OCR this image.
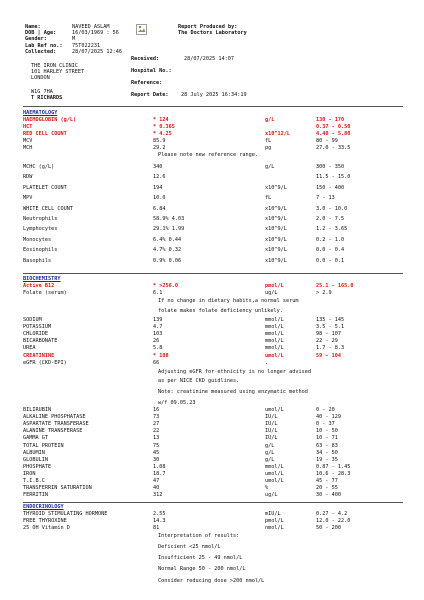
Name:	NAVEED ASLAM
DOB | Age:	16/03/1969 : 56
Gender:	M
Lab Ref no.: 75T022231
Collected:	28/07/2025 12:46
Report Produced by:
The Doctors Laboratory
Received:	28/07/2025 14:07
THE IRON CLINIC
101 HARLEY STREET
LONDON
Hospital No.:
Reference:
W1G 7HA
T RICHARDS
Report Date: 28 July 2025 16:34:19
HAEMATOLOGY
HAEMOGLOBIN (g/L)	* 124	g/L	130 - 170
HCT	* 0.365	0.37 - 0.50
RED CELL COUNT	* 4.25	x10^12/L	4.40 - 5.80
MCV	85.9	fL	80 - 99
MCH	29.2	pg	27.0 - 33.5
Please note new reference range.
MCHC (g/L)	340	g/L	300 - 350
RDW	12.6	11.5 - 15.0
PLATELET COUNT	194	x10^9/L	150 - 400
MPV	10.0	fL	7 - 13
WHITE CELL COUNT	6.84	x10^9/L	3.0 - 10.0
Neutrophils	58.9% 4.03	x10^9/L	2.0 - 7.5
Lymphocytes	29.1% 1.99	x10^9/L	1.2 - 3.65
Monocytes	6.4% 0.44	x10^9/L	0.2 - 1.0
Eosinophils	4.7% 0.32	x10^9/L	0.0 - 0.4
Basophils	0.9% 0.06	x10^9/L	0.0 - 0.1
BIOCHEMISTRY
Active B12	* >256.0	pmol/L	25.1 - 165.0
Folate (serum)	6.1	ug/L	> 2.9
If no change in dietary habits,a normal serum
folate makes folate deficiency unlikely.
SODIUM	139	mmol/L	135 - 145
POTASSIUM	4.7	mmol/L	3.5 - 5.1
CHLORIDE	103	mmol/L	98 - 107
BICARBONATE	26	mmol/L	22 - 29
UREA	5.8	mmol/L	1.7 - 8.3
CREATININE	* 108	umol/L	59 - 104
eGFR (CKD-EPI)	66	.
Adjusting eGFR for ethnicity is no longer advised
as per NICE CKD guidlines.
Note: creatinine measured using enzymatic method
w/f 09.05.23
BILIRUBIN	16	umol/L	0 - 20
ALKALINE PHOSPHATASE	73	IU/L	40 - 129
ASPARTATE TRANSFERASE	27	IU/L	0 - 37
ALANINE TRANSFERASE	22	IU/L	10 - 50
GAMMA GT	13	IU/L	10 - 71
TOTAL PROTEIN	75	g/L	63 - 83
ALBUMIN	45	g/L	34 - 50
GLOBULIN	30	g/L	19 - 35
PHOSPHATE	1.08	mmol/L	0.87 - 1.45
IRON	18.7	umol/L	10.6 - 28.3
T.I.B.C	47	umol/L	45 - 77
TRANSFERRIN SATURATION	40	%	20 - 55
FERRITIN	312	ug/L	30 - 400
ENDOCRINOLOGY
THYROID STIMULATING HORMONE	2.55	mIU/L	0.27 - 4.2
FREE THYROXINE	14.3	pmol/L	12.0 - 22.0
25 OH Vitamin D	81	nmol/L	50 - 200
Interpretation of results:
Deficient <25 nmol/L
Insufficient 25 - 49 nmol/L
Normal Range 50 - 200 nmol/L
Consider reducing dose >200 nmol/L
